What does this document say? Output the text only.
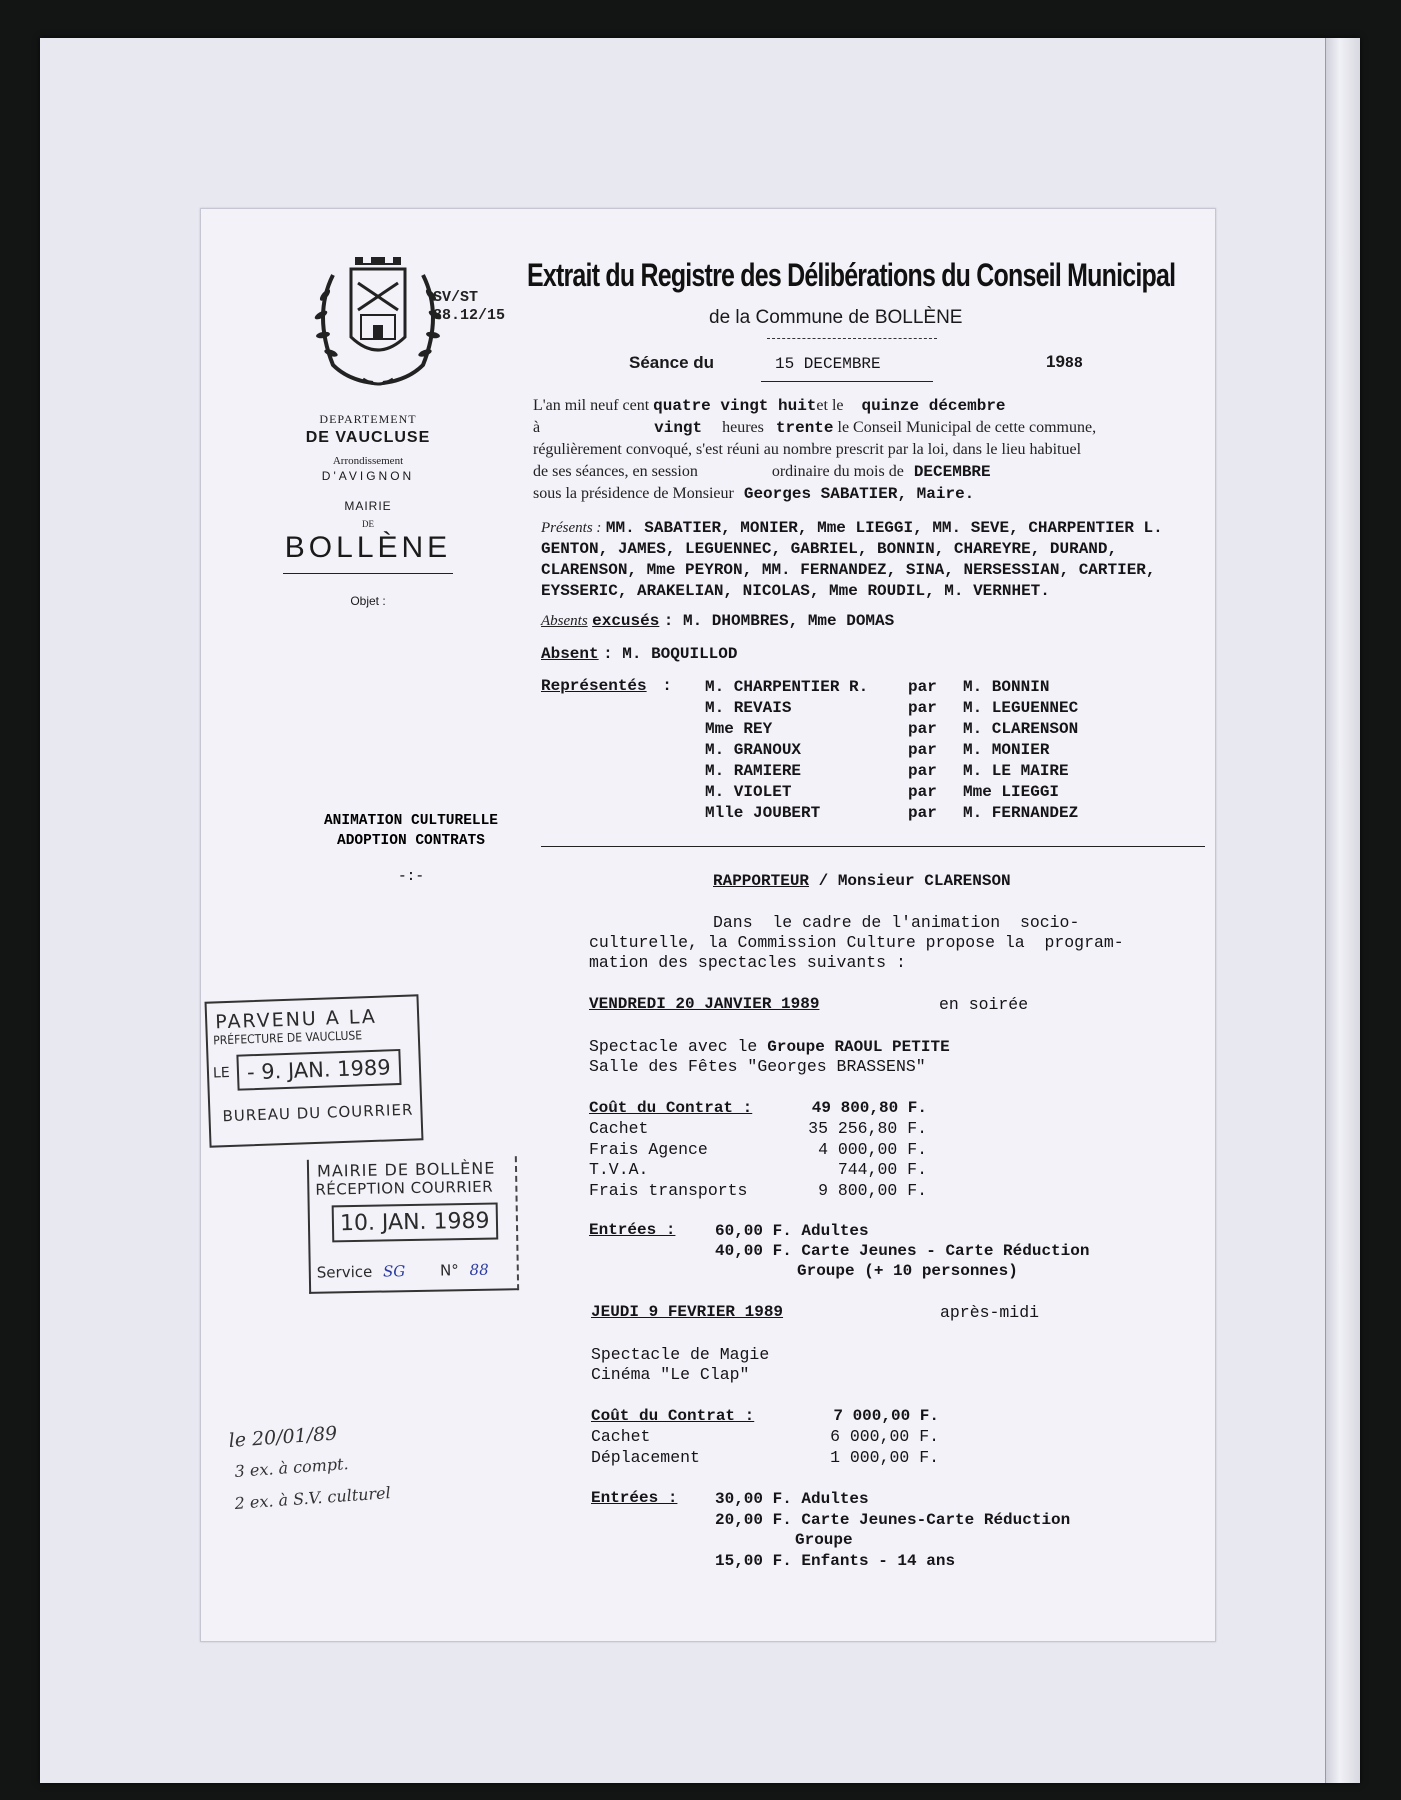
SV/ST
88.12/15
Extrait du Registre des Délibérations du Conseil Municipal
de la Commune de BOLLÈNE
Séance du	15 DECEMBRE	1988
DEPARTEMENT
DE VAUCLUSE
Arrondissement
D'AVIGNON
MAIRIE
DE
BOLLÈNE
Objet :
ANIMATION CULTURELLE
ADOPTION CONTRATS
-:-
L'an mil neuf cent quatre vingt huitet le quinze décembre
à	vingt heures trente le Conseil Municipal de cette commune,
régulièrement convoqué, s'est réuni au nombre prescrit par la loi, dans le lieu habituel
de ses séances, en session	ordinaire du mois de DECEMBRE
sous la présidence de Monsieur Georges SABATIER, Maire.
Présents : MM. SABATIER, MONIER, Mme LIEGGI, MM. SEVE, CHARPENTIER L.
GENTON, JAMES, LEGUENNEC, GABRIEL, BONNIN, CHAREYRE, DURAND,
CLARENSON, Mme PEYRON, MM. FERNANDEZ, SINA, NERSESSIAN, CARTIER,
EYSSERIC, ARAKELIAN, NICOLAS, Mme ROUDIL, M. VERNHET.
Absents excusés : M. DHOMBRES, Mme DOMAS
Absent : M. BOQUILLOD
Représentés : M. CHARPENTIER R. par M. BONNIN
M. REVAIS	par M. LEGUENNEC
Mme REY	par M. CLARENSON
M. GRANOUX	par M. MONIER
M. RAMIERE	par M. LE MAIRE
M. VIOLET	par Mme LIEGGI
Mlle JOUBERT	par M. FERNANDEZ
RAPPORTEUR / Monsieur CLARENSON
Dans  le cadre de l'animation  socio-
culturelle, la Commission Culture propose la  program-
mation des spectacles suivants :
VENDREDI 20 JANVIER 1989	en soirée
Spectacle avec le Groupe RAOUL PETITE
Salle des Fêtes "Georges BRASSENS"
Coût du Contrat :	49 800,80 F.
Cachet	35 256,80 F.
Frais Agence	4 000,00 F.
T.V.A.	744,00 F.
Frais transports	9 800,00 F.
Entrées : 60,00 F. Adultes
40,00 F. Carte Jeunes - Carte Réduction
Groupe (+ 10 personnes)
JEUDI 9 FEVRIER 1989	après-midi
Spectacle de Magie
Cinéma "Le Clap"
Coût du Contrat :	7 000,00 F.
Cachet	6 000,00 F.
Déplacement	1 000,00 F.
Entrées : 30,00 F. Adultes
20,00 F. Carte Jeunes-Carte Réduction
Groupe
15,00 F. Enfants - 14 ans
PARVENU A LA
PRÉFECTURE DE VAUCLUSE
LE - 9. JAN. 1989
BUREAU DU COURRIER
MAIRIE DE BOLLÈNE
RÉCEPTION COURRIER
10. JAN. 1989
Service SG N° 88
le 20/01/89
3 ex. à compt.
2 ex. à S.V. culturel
